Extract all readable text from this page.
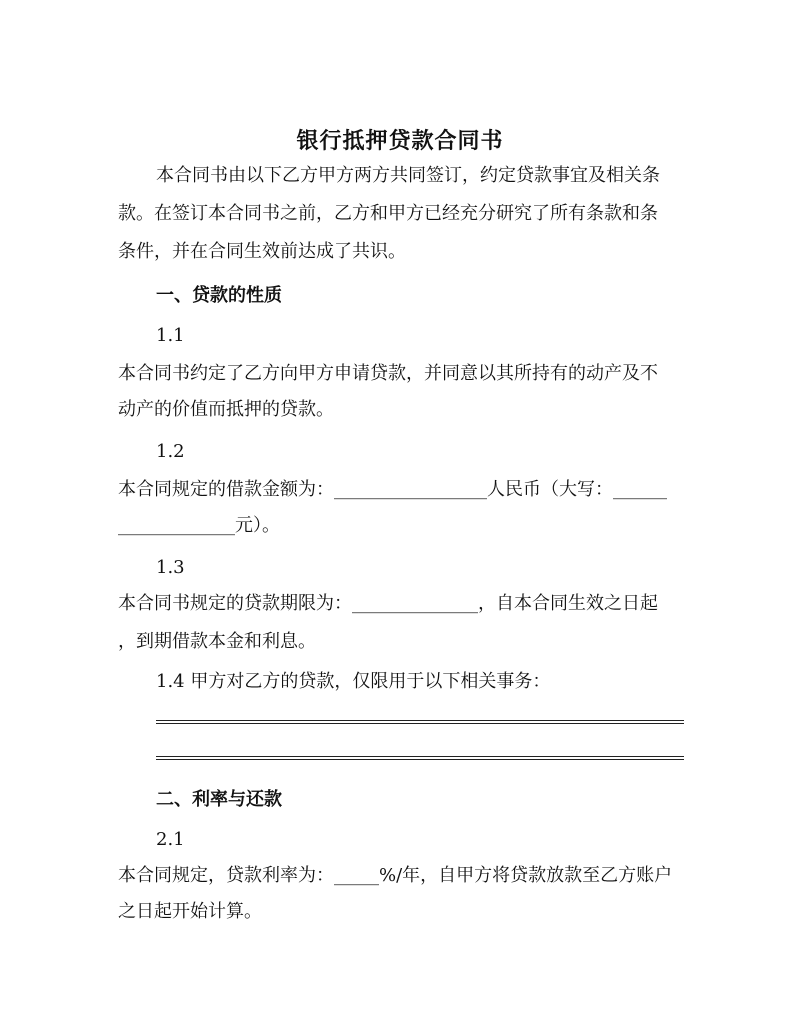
银行抵押贷款合同书
本合同书由以下乙方甲方两方共同签订，约定贷款事宜及相关条
款。在签订本合同书之前，乙方和甲方已经充分研究了所有条款和条
条件，并在合同生效前达成了共识。
一、贷款的性质
1.1
本合同书约定了乙方向甲方申请贷款，并同意以其所持有的动产及不
动产的价值而抵押的贷款。
1.2
本合同规定的借款金额为：_________________人民币（大写：______
_____________元）。
1.3
本合同书规定的贷款期限为：______________，自本合同生效之日起
，到期借款本金和利息。
1.4 甲方对乙方的贷款，仅限用于以下相关事务：
二、利率与还款
2.1
本合同规定，贷款利率为：_____%/年，自甲方将贷款放款至乙方账户
之日起开始计算。
